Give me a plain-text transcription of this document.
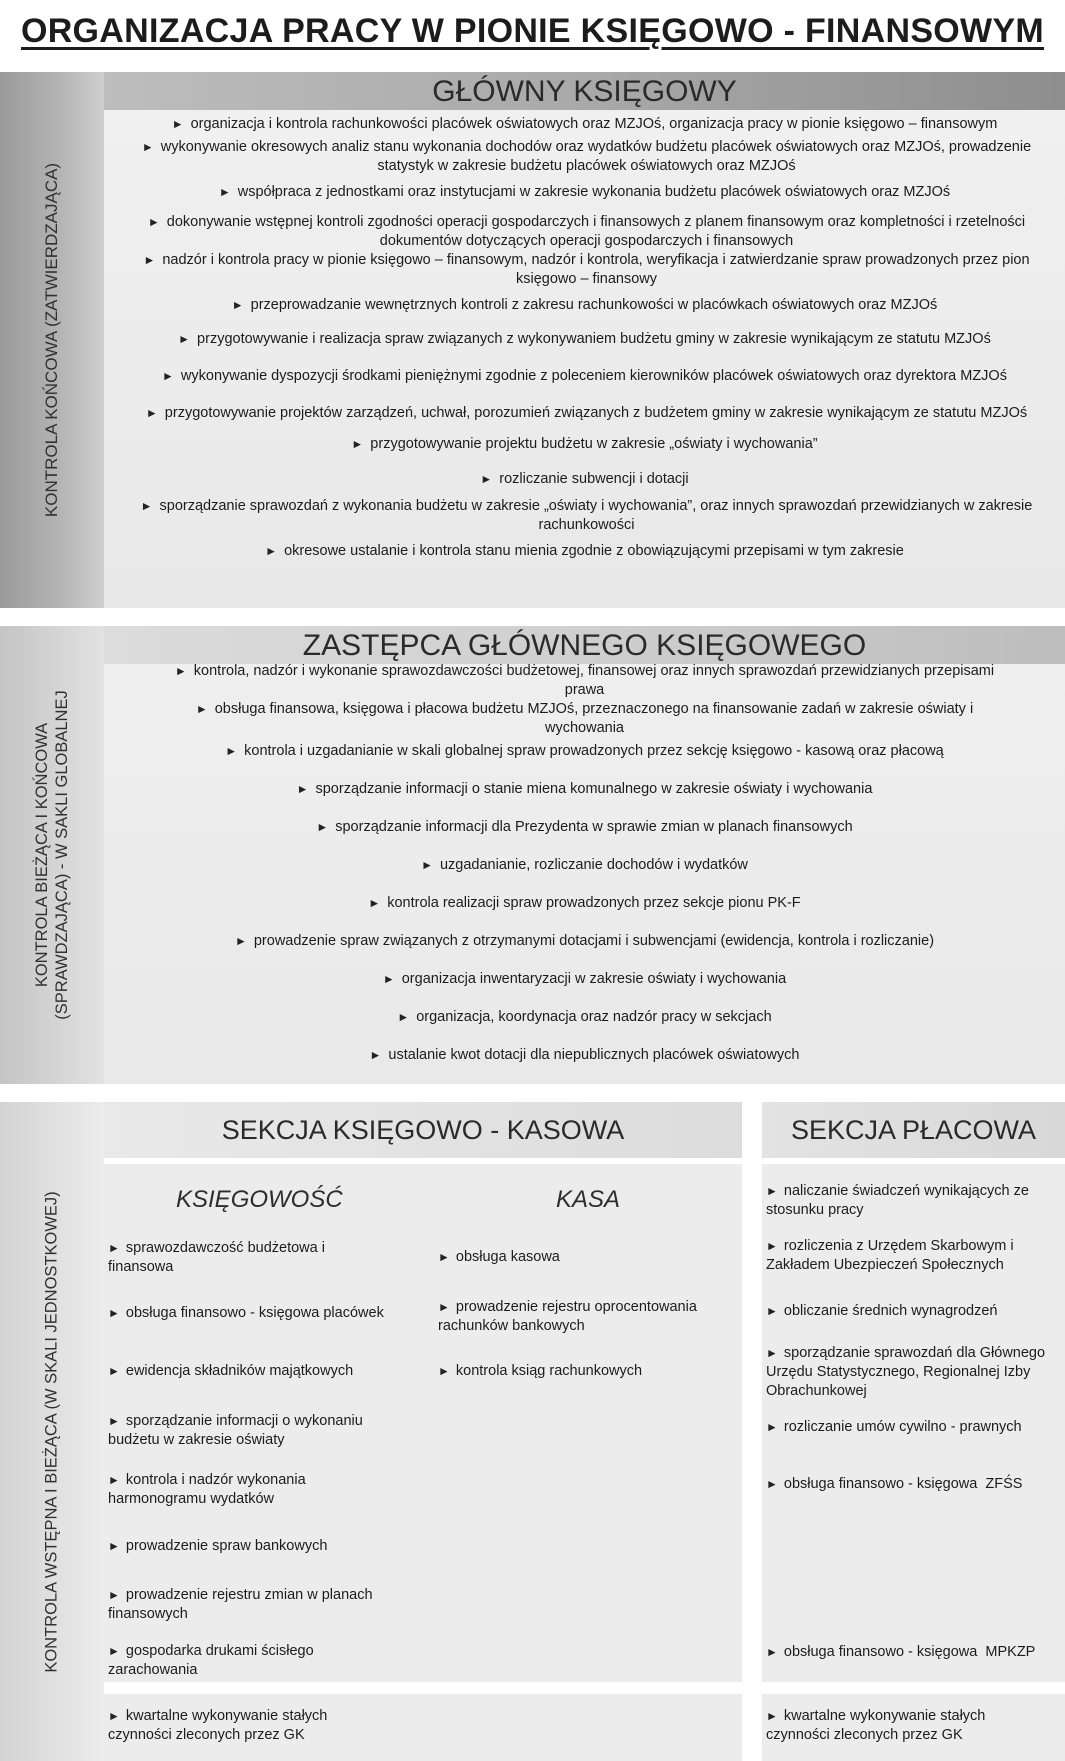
ORGANIZACJA PRACY W PIONIE KSIĘGOWO - FINANSOWYM
KONTROLA KOŃCOWA (ZATWIERDZAJĄCA)
GŁÓWNY KSIĘGOWY
► organizacja i kontrola rachunkowości placówek oświatowych oraz MZJOś, organizacja pracy w pionie księgowo – finansowym
► wykonywanie okresowych analiz stanu wykonania dochodów oraz wydatków budżetu placówek oświatowych oraz MZJOś, prowadzenie statystyk w zakresie budżetu placówek oświatowych oraz MZJOś
► współpraca z jednostkami oraz instytucjami w zakresie wykonania budżetu placówek oświatowych oraz MZJOś
► dokonywanie wstępnej kontroli zgodności operacji gospodarczych i finansowych z planem finansowym oraz kompletności i rzetelności dokumentów dotyczących operacji gospodarczych i finansowych
► nadzór i kontrola pracy w pionie księgowo – finansowym, nadzór i kontrola, weryfikacja i zatwierdzanie spraw prowadzonych przez pion księgowo – finansowy
► przeprowadzanie wewnętrznych kontroli z zakresu rachunkowości w placówkach oświatowych oraz MZJOś
► przygotowywanie i realizacja spraw związanych z wykonywaniem budżetu gminy w zakresie wynikającym ze statutu MZJOś
► wykonywanie dyspozycji środkami pieniężnymi zgodnie z poleceniem kierowników placówek oświatowych oraz dyrektora MZJOś
► przygotowywanie projektów zarządzeń, uchwał, porozumień związanych z budżetem gminy w zakresie wynikającym ze statutu MZJOś
► przygotowywanie projektu budżetu w zakresie „oświaty i wychowania”
► rozliczanie subwencji i dotacji
► sporządzanie sprawozdań z wykonania budżetu w zakresie „oświaty i wychowania”, oraz innych sprawozdań przewidzianych w zakresie rachunkowości
► okresowe ustalanie i kontrola stanu mienia zgodnie z obowiązującymi przepisami w tym zakresie
KONTROLA BIEŻĄCA I KOŃCOWA (SPRAWDZAJĄCA) - W SAKLI GLOBALNEJ
ZASTĘPCA GŁÓWNEGO KSIĘGOWEGO
► kontrola, nadzór i wykonanie sprawozdawczości budżetowej, finansowej oraz innych sprawozdań przewidzianych przepisami prawa
► obsługa finansowa, księgowa i płacowa budżetu MZJOś, przeznaczonego na finansowanie zadań w zakresie oświaty i wychowania
► kontrola i uzgadanianie w skali globalnej spraw prowadzonych przez sekcję księgowo - kasową oraz płacową
► sporządzanie informacji o stanie miena komunalnego w zakresie oświaty i wychowania
► sporządzanie informacji dla Prezydenta w sprawie zmian w planach finansowych
► uzgadanianie, rozliczanie dochodów i wydatków
► kontrola realizacji spraw prowadzonych przez sekcje pionu PK-F
► prowadzenie spraw związanych z otrzymanymi dotacjami i subwencjami (ewidencja, kontrola i rozliczanie)
► organizacja inwentaryzacji w zakresie oświaty i wychowania
► organizacja, koordynacja oraz nadzór pracy w sekcjach
► ustalanie kwot dotacji dla niepublicznych placówek oświatowych
KONTROLA WSTĘPNA I BIEŻĄCA (W SKALI JEDNOSTKOWEJ)
SEKCJA KSIĘGOWO - KASOWA	SEKCJA PŁACOWA
KSIĘGOWOŚĆ	KASA
► sprawozdawczość budżetowa i finansowa
► obsługa finansowo - księgowa placówek
► ewidencja składników majątkowych
► sporządzanie informacji o wykonaniu budżetu w zakresie oświaty
► kontrola i nadzór wykonania harmonogramu wydatków
► prowadzenie spraw bankowych
► prowadzenie rejestru zmian w planach finansowych
► gospodarka drukami ścisłego zarachowania
► obsługa kasowa
► prowadzenie rejestru oprocentowania rachunków bankowych
► kontrola ksiąg rachunkowych
► naliczanie świadczeń wynikających ze stosunku pracy
► rozliczenia z Urzędem Skarbowym i Zakładem Ubezpieczeń Społecznych
► obliczanie średnich wynagrodzeń
► sporządzanie sprawozdań dla Głównego Urzędu Statystycznego, Regionalnej Izby Obrachunkowej
► rozliczanie umów cywilno - prawnych
► obsługa finansowo - księgowa  ZFŚS
► obsługa finansowo - księgowa  MPKZP
► kwartalne wykonywanie stałych czynności zleconych przez GK
► kwartalne wykonywanie stałych czynności zleconych przez GK
